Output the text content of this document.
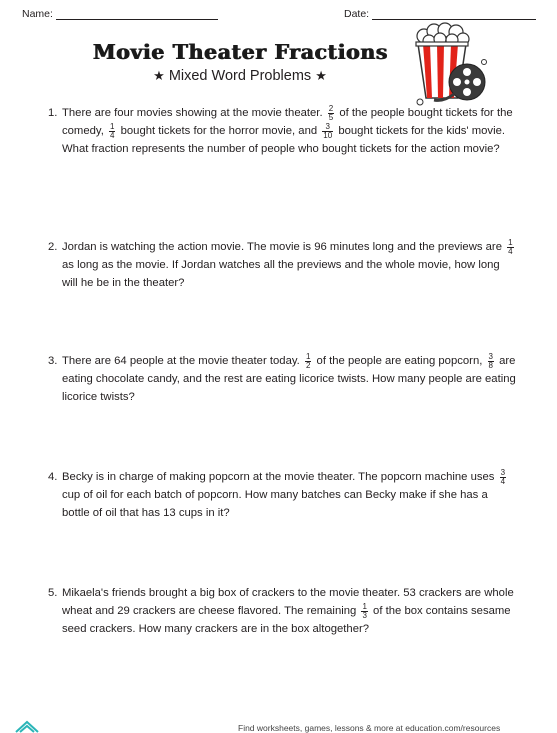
Name:	Date:
Movie Theater Fractions
★ Mixed Word Problems ★
1. There are four movies showing at the movie theater. $\frac{2}{5}$ of the people bought tickets for the comedy, $\frac{1}{4}$ bought tickets for the horror movie, and $\frac{3}{10}$ bought tickets for the kids' movie. What fraction represents the number of people who bought tickets for the action movie?
2. Jordan is watching the action movie. The movie is 96 minutes long and the previews are $\frac{1}{4}$
as long as the movie. If Jordan watches all the previews and the whole movie, how long will he be in the theater?
3. There are 64 people at the movie theater today. $\frac{1}{2}$ of the people are eating popcorn, $\frac{3}{8}$ are eating chocolate candy, and the rest are eating licorice twists. How many people are eating licorice twists?
4. Becky is in charge of making popcorn at the movie theater. The popcorn machine uses $\frac{3}{4}$
cup of oil for each batch of popcorn. How many batches can Becky make if she has a bottle of oil that has 13 cups in it?
5. Mikaela's friends brought a big box of crackers to the movie theater. 53 crackers are whole wheat and 29 crackers are cheese flavored. The remaining $\frac{1}{3}$ of the box contains sesame seed crackers. How many crackers are in the box altogether?
Find worksheets, games, lessons & more at education.com/resources
